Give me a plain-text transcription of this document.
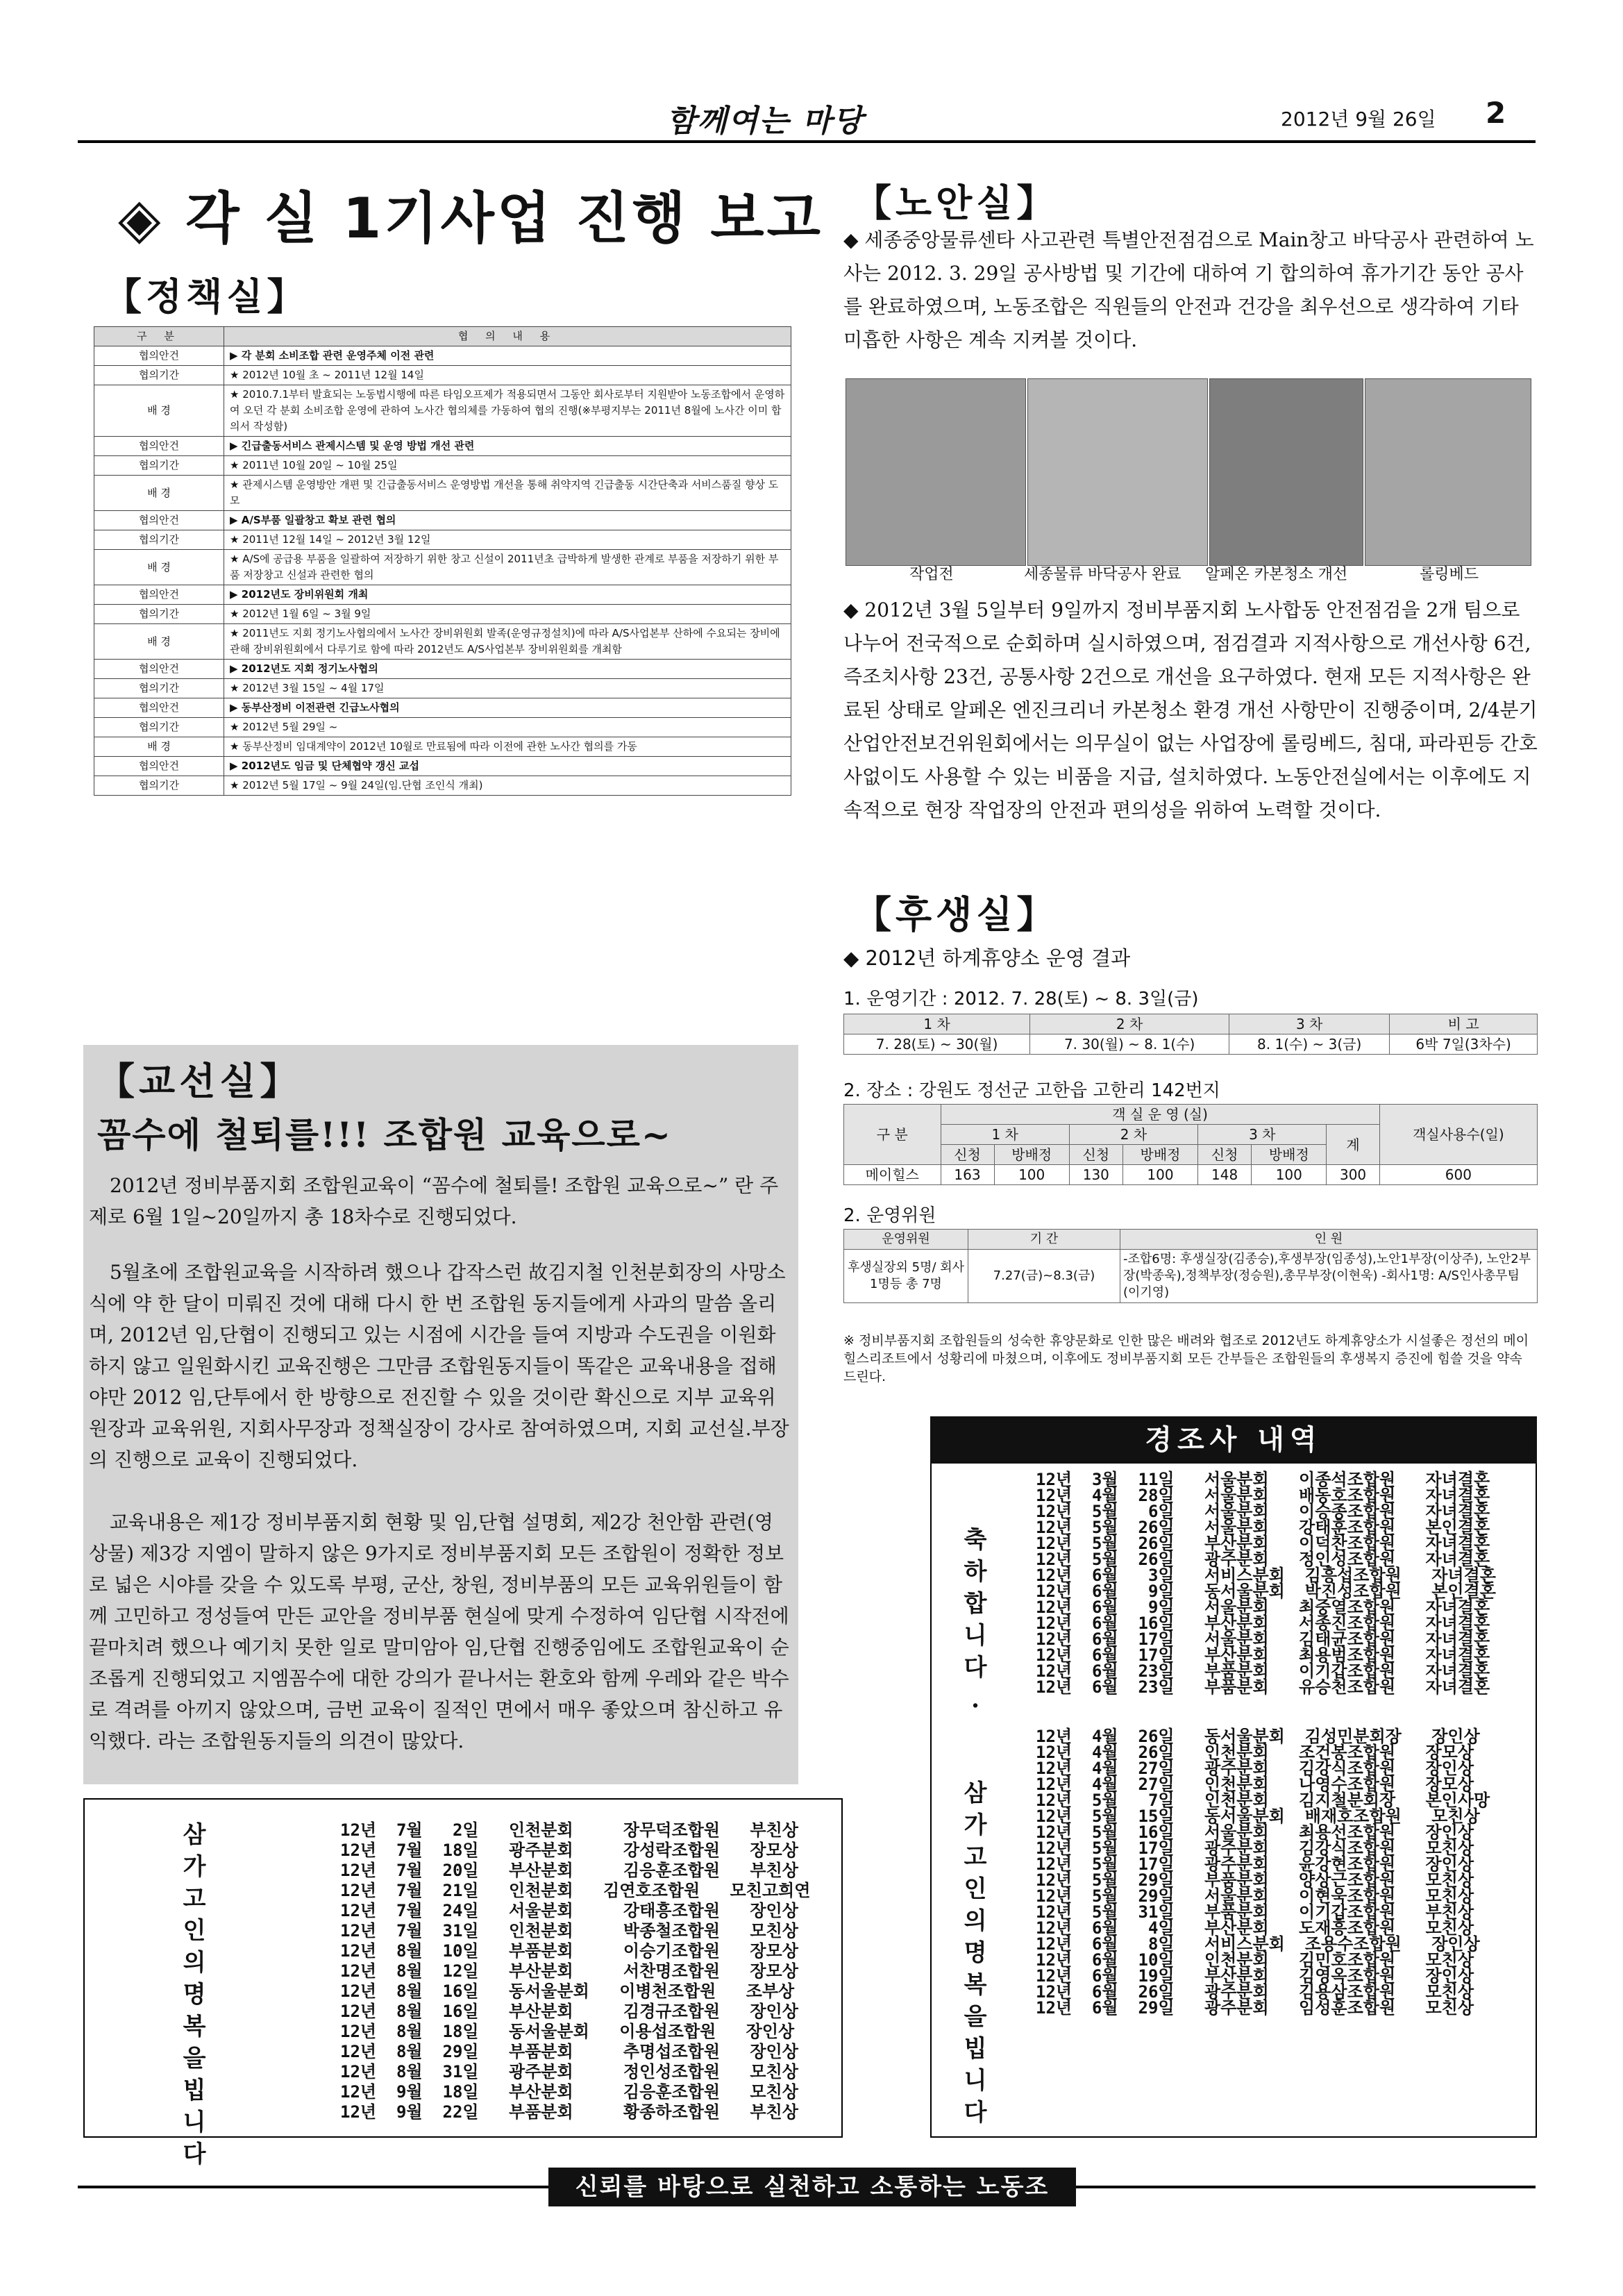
함께여는 마당	2012년 9월 26일 2
◈ 각 실 1기사업 진행 보고
【정책실】
구 분	협 의 내 용
협의안건	▶ 각 분회 소비조합 관련 운영주체 이전 관련
협의기간	★ 2012년 10월 초 ~ 2011년 12월 14일
배 경	★ 2010.7.1부터 발효되는 노동법시행에 따른 타임오프제가 적용되면서 그동안 회사로부터 지원받아 노동조합에서 운영하여 오던 각 분회 소비조합 운영에 관하여 노사간 협의체를 가동하여 협의 진행(※부평지부는 2011년 8월에 노사간 이미 합의서 작성함)
협의안건	▶ 긴급출동서비스 관제시스템 및 운영 방법 개선 관련
협의기간	★ 2011년 10월 20일 ~ 10월 25일
배 경	★ 관제시스템 운영방안 개편 및 긴급출동서비스 운영방법 개선을 통해 취약지역 긴급출동 시간단축과 서비스품질 향상 도모
협의안건	▶ A/S부품 일괄창고 확보 관련 협의
협의기간	★ 2011년 12월 14일 ~ 2012년 3월 12일
배 경	★ A/S에 공급용 부품을 일괄하여 저장하기 위한 창고 신설이 2011년초 급박하게 발생한 관계로 부품을 저장하기 위한 부품 저장창고 신설과 관련한 협의
협의안건	▶ 2012년도 장비위원회 개최
협의기간	★ 2012년 1월 6일 ~ 3월 9일
배 경	★ 2011년도 지회 정기노사협의에서 노사간 장비위원회 발족(운영규정설치)에 따라 A/S사업본부 산하에 수요되는 장비에 관해 장비위원회에서 다루기로 함에 따라 2012년도 A/S사업본부 장비위원회를 개최함
협의안건	▶ 2012년도 지회 정기노사협의
협의기간	★ 2012년 3월 15일 ~ 4월 17일
협의안건	▶ 동부산정비 이전관련 긴급노사협의
협의기간	★ 2012년 5월 29일 ~
배 경	★ 동부산정비 임대계약이 2012년 10월로 만료됨에 따라 이전에 관한 노사간 협의를 가동
협의안건	▶ 2012년도 임금 및 단체협약 갱신 교섭
협의기간	★ 2012년 5월 17일 ~ 9월 24일(임.단협 조인식 개최)
【교선실】
꼼수에 철퇴를!!! 조합원 교육으로~
2012년 정비부품지회 조합원교육이 “꼼수에 철퇴를! 조합원 교육으로~” 란 주제로 6월 1일~20일까지 총 18차수로 진행되었다.
5월초에 조합원교육을 시작하려 했으나 갑작스런 故김지철 인천분회장의 사망소식에 약 한 달이 미뤄진 것에 대해 다시 한 번 조합원 동지들에게 사과의 말씀 올리며, 2012년 임,단협이 진행되고 있는 시점에 시간을 들여 지방과 수도권을 이원화 하지 않고 일원화시킨 교육진행은 그만큼 조합원동지들이 똑같은 교육내용을 접해야만 2012 임,단투에서 한 방향으로 전진할 수 있을 것이란 확신으로 지부 교육위원장과 교육위원, 지회사무장과 정책실장이 강사로 참여하였으며, 지회 교선실.부장의 진행으로 교육이 진행되었다.
교육내용은 제1강 정비부품지회 현황 및 임,단협 설명회, 제2강 천안함 관련(영상물) 제3강 지엠이 말하지 않은 9가지로 정비부품지회 모든 조합원이 정확한 정보로 넓은 시야를 갖을 수 있도록 부평, 군산, 창원, 정비부품의 모든 교육위원들이 함께 고민하고 정성들여 만든 교안을 정비부품 현실에 맞게 수정하여 임단협 시작전에 끝마치려 했으나 예기치 못한 일로 말미암아 임,단협 진행중임에도 조합원교육이 순조롭게 진행되었고 지엠꼼수에 대한 강의가 끝나서는 환호와 함께 우레와 같은 박수로 격려를 아끼지 않았으며, 금번 교육이 질적인 면에서 매우 좋았으며 참신하고 유익했다. 라는 조합원동지들의 의견이 많았다.
【노안실】
◆ 세종중앙물류센타 사고관련 특별안전점검으로 Main창고 바닥공사 관련하여 노사는 2012. 3. 29일 공사방법 및 기간에 대하여 기 합의하여 휴가기간 동안 공사를 완료하였으며, 노동조합은 직원들의 안전과 건강을 최우선으로 생각하여 기타 미흡한 사항은 계속 지켜볼 것이다.
작업전	세종물류 바닥공사 완료 알페온 카본청소 개선	롤링베드
◆ 2012년 3월 5일부터 9일까지 정비부품지회 노사합동 안전점검을 2개 팀으로 나누어 전국적으로 순회하며 실시하였으며, 점검결과 지적사항으로 개선사항 6건, 즉조치사항 23건, 공통사항 2건으로 개선을 요구하였다. 현재 모든 지적사항은 완료된 상태로 알페온 엔진크리너 카본청소 환경 개선 사항만이 진행중이며, 2/4분기 산업안전보건위원회에서는 의무실이 없는 사업장에 롤링베드, 침대, 파라핀등 간호사없이도 사용할 수 있는 비품을 지급, 설치하였다. 노동안전실에서는 이후에도 지속적으로 현장 작업장의 안전과 편의성을 위하여 노력할 것이다.
【후생실】
◆ 2012년 하계휴양소 운영 결과
1. 운영기간 : 2012. 7. 28(토) ~ 8. 3일(금)
1 차	2 차	3 차	비 고
7. 28(토) ~ 30(월)	7. 30(월) ~ 8. 1(수)	8. 1(수) ~ 3(금)	6박 7일(3차수)
2. 장소 : 강원도 정선군 고한읍 고한리 142번지
구 분	객 실 운 영 (실)							객실사용수(일)
	1 차		2 차		3 차		계	
	신청	방배정	신청	방배정	신청	방배정		
메이힐스	163	100	130	100	148	100	300	600
2. 운영위원
운영위원	기 간	인 원
후생실장외 5명/ 회사 1명등 총 7명	7.27(금)~8.3(금)	-조합6명: 후생실장(김종승),후생부장(임종성),노안1부장(이상주), 노안2부장(박종욱),정책부장(정승원),총무부장(이현욱) -회사1명: A/S인사총무팀(이기영)
※ 정비부품지회 조합원들의 성숙한 휴양문화로 인한 많은 배려와 협조로 2012년도 하계휴양소가 시설좋은 정선의 메이힐스리조트에서 성황리에 마쳤으며, 이후에도 정비부품지회 모든 간부들은 조합원들의 후생복지 증진에 힘쓸 것을 약속드린다.
경조사 내역
축
하
합
니
다
.
12년  3월  11일   서울분회   이종석조합원   자녀결혼
12년  4월  28일   서울분회   배동호조합원   자녀결혼
12년  5월   6일   서울분회   이승종조합원   자녀결혼
12년  5월  26일   서울분회   강태훈조합원   본인결혼
12년  5월  26일   부산분회   이덕찬조합원   자녀결혼
12년  5월  26일   광주분회   정인성조합원   자녀결혼
12년  6월   3일   서비스분회  김흥섭조합원   자녀결혼
12년  6월   9일   동서울분회  박진성조합원   본인결혼
12년  6월   9일   서울분회   최중열조합원   자녀결혼
12년  6월  16일   부산분회   서종진조합원   자녀결혼
12년  6월  17일   서울분회   김태균조합원   자녀결혼
12년  6월  17일   부산분회   최용범조합원   자녀결혼
12년  6월  23일   부품분회   이기갑조합원   자녀결혼
12년  6월  23일   부품분회   유승천조합원   자녀결혼
삼
가
고
인
의
명
복
을
빕
니
다
12년  4월  26일   동서울분회  김성민분회장   장인상
12년  4월  26일   인천분회   조건봉조합원   장모상
12년  4월  27일   광주분회   김강식조합원   장인상
12년  4월  27일   인천분회   나영수조합원   장모상
12년  5월   7일   인천분회   김지철분회장   본인사망
12년  5월  15일   동서울분회  배재호조합원   모친상
12년  5월  16일   서울분회   최용선조합원   장인상
12년  5월  17일   광주분회   김강식조합원   모친상
12년  5월  17일   광주분회   윤강현조합원   장인상
12년  5월  29일   부품분회   양상근조합원   모친상
12년  5월  29일   서울분회   이현욱조합원   모친상
12년  5월  31일   부품분회   이기갑조합원   부친상
12년  6월   4일   부산분회   도재흥조합원   모친상
12년  6월   8일   서비스분회  조용수조합원   장인상
12년  6월  10일   인천분회   김민호조합원   모친상
12년  6월  19일   부산분회   김영옥조합원   장인상
12년  6월  26일   광주분회   김용삼조합원   모친상
12년  6월  29일   광주분회   임성훈조합원   모친상
삼
가
고
인
의
명
복
을
빕
니
다
12년  7월   2일   인천분회     장무덕조합원   부친상
12년  7월  18일   광주분회     강성락조합원   장모상
12년  7월  20일   부산분회     김응훈조합원   부친상
12년  7월  21일   인천분회   김연호조합원   모친고희연
12년  7월  24일   서울분회     강태흥조합원   장인상
12년  7월  31일   인천분회     박종철조합원   모친상
12년  8월  10일   부품분회     이승기조합원   장모상
12년  8월  12일   부산분회     서찬명조합원   장모상
12년  8월  16일   동서울분회   이병천조합원   조부상
12년  8월  16일   부산분회     김경규조합원   장인상
12년  8월  18일   동서울분회   이용섭조합원   장인상
12년  8월  29일   부품분회     추명섭조합원   장인상
12년  8월  31일   광주분회     정인성조합원   모친상
12년  9월  18일   부산분회     김응훈조합원   모친상
12년  9월  22일   부품분회     황종하조합원   부친상
신뢰를 바탕으로 실천하고 소통하는 노동조합!!!
